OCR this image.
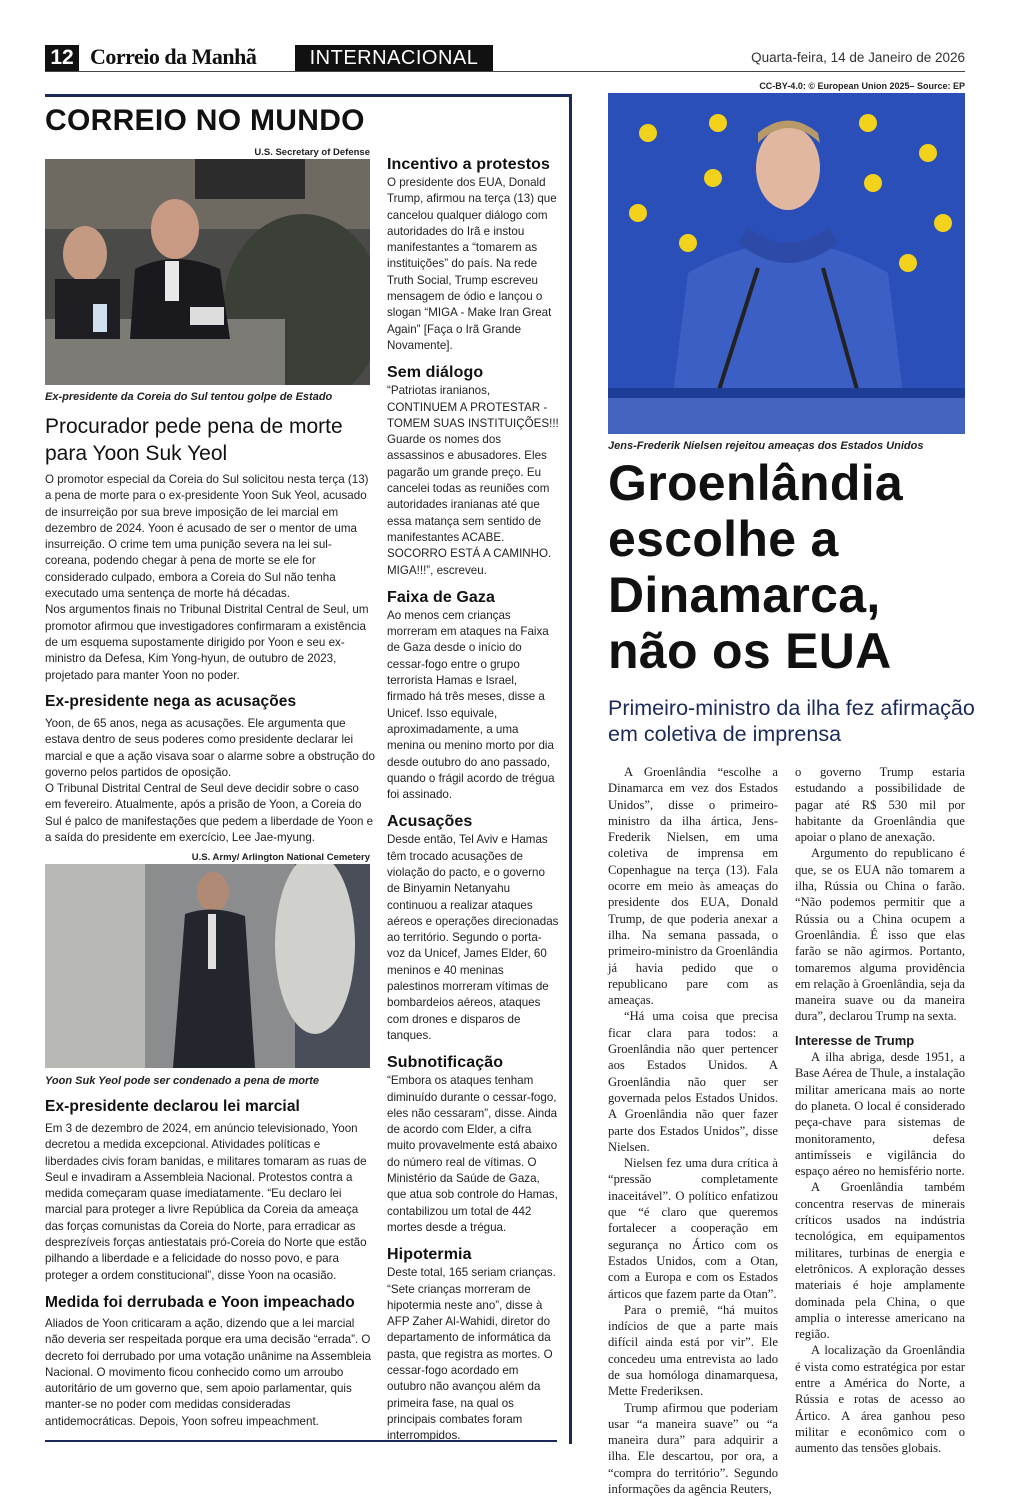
12 Correio da Manhã	INTERNACIONAL	Quarta-feira, 14 de Janeiro de 2026
CORREIO NO MUNDO
U.S. Secretary of Defense
Ex-presidente da Coreia do Sul tentou golpe de Estado
Procurador pede pena de morte para Yoon Suk Yeol

O promotor especial da Coreia do Sul solicitou nesta terça (13) a pena de morte para o ex-presidente Yoon Suk Yeol, acusado de insurreição por sua breve imposição de lei marcial em dezembro de 2024. Yoon é acusado de ser o mentor de uma insurreição. O crime tem uma punição severa na lei sul-coreana, podendo chegar à pena de morte se ele for considerado culpado, embora a Coreia do Sul não tenha executado uma sentença de morte há décadas.

Nos argumentos finais no Tribunal Distrital Central de Seul, um promotor afirmou que investigadores confirmaram a existência de um esquema supostamente dirigido por Yoon e seu ex-ministro da Defesa, Kim Yong-hyun, de outubro de 2023, projetado para manter Yoon no poder.

Ex-presidente nega as acusações

Yoon, de 65 anos, nega as acusações. Ele argumenta que estava dentro de seus poderes como presidente declarar lei marcial e que a ação visava soar o alarme sobre a obstrução do governo pelos partidos de oposição.

O Tribunal Distrital Central de Seul deve decidir sobre o caso em fevereiro. Atualmente, após a prisão de Yoon, a Coreia do Sul é palco de manifestações que pedem a liberdade de Yoon e a saída do presidente em exercício, Lee Jae-myung.

U.S. Army/ Arlington National Cemetery
Yoon Suk Yeol pode ser condenado a pena de morte
Ex-presidente declarou lei marcial
Em 3 de dezembro de 2024, em anúncio televisionado, Yoon decretou a medida excepcional. Atividades políticas e liberdades civis foram banidas, e militares tomaram as ruas de Seul e invadiram a Assembleia Nacional. Protestos contra a medida começaram quase imediatamente. “Eu declaro lei marcial para proteger a livre República da Coreia da ameaça das forças comunistas da Coreia do Norte, para erradicar as desprezíveis forças antiestatais pró-Coreia do Norte que estão pilhando a liberdade e a felicidade do nosso povo, e para proteger a ordem constitucional”, disse Yoon na ocasião.
Medida foi derrubada e Yoon impeachado
Aliados de Yoon criticaram a ação, dizendo que a lei marcial não deveria ser respeitada porque era uma decisão “errada”. O decreto foi derrubado por uma votação unânime na Assembleia Nacional. O movimento ficou conhecido como um arroubo autoritário de um governo que, sem apoio parlamentar, quis manter-se no poder com medidas consideradas antidemocráticas. Depois, Yoon sofreu impeachment.
Incentivo a protestos
O presidente dos EUA, Donald Trump, afirmou na terça (13) que cancelou qualquer diálogo com autoridades do Irã e instou manifestantes a “tomarem as instituições” do país. Na rede Truth Social, Trump escreveu mensagem de ódio e lançou o slogan “MIGA - Make Iran Great Again” [Faça o Irã Grande Novamente].
Sem diálogo
“Patriotas iranianos, CONTINUEM A PROTESTAR - TOMEM SUAS INSTITUIÇÕES!!! Guarde os nomes dos assassinos e abusadores. Eles pagarão um grande preço. Eu cancelei todas as reuniões com autoridades iranianas até que essa matança sem sentido de manifestantes ACABE. SOCORRO ESTÁ A CAMINHO. MIGA!!!”, escreveu.
Faixa de Gaza
Ao menos cem crianças morreram em ataques na Faixa de Gaza desde o início do cessar-fogo entre o grupo terrorista Hamas e Israel, firmado há três meses, disse a Unicef. Isso equivale, aproximadamente, a uma menina ou menino morto por dia desde outubro do ano passado, quando o frágil acordo de trégua foi assinado.
Acusações
Desde então, Tel Aviv e Hamas têm trocado acusações de violação do pacto, e o governo de Binyamin Netanyahu continuou a realizar ataques aéreos e operações direcionadas ao território. Segundo o porta-voz da Unicef, James Elder, 60 meninos e 40 meninas palestinos morreram vítimas de bombardeios aéreos, ataques com drones e disparos de tanques.
Subnotificação
“Embora os ataques tenham diminuído durante o cessar-fogo, eles não cessaram”, disse. Ainda de acordo com Elder, a cifra muito provavelmente está abaixo do número real de vítimas. O Ministério da Saúde de Gaza, que atua sob controle do Hamas, contabilizou um total de 442 mortes desde a trégua.
Hipotermia
Deste total, 165 seriam crianças. “Sete crianças morreram de hipotermia neste ano”, disse à AFP Zaher Al-Wahidi, diretor do departamento de informática da pasta, que registra as mortes. O cessar-fogo acordado em outubro não avançou além da primeira fase, na qual os principais combates foram interrompidos.
CC-BY-4.0: © European Union 2025– Source: EP
Jens-Frederik Nielsen rejeitou ameaças dos Estados Unidos
Groenlândia escolhe a Dinamarca, não os EUA
Primeiro-ministro da ilha fez afirmação em coletiva de imprensa

A Groenlândia “escolhe a Dinamarca em vez dos Estados Unidos”, disse o primeiro-ministro da ilha ártica, Jens-Frederik Nielsen, em uma coletiva de imprensa em Copenhague na terça (13). Fala ocorre em meio às ameaças do presidente dos EUA, Donald Trump, de que poderia anexar a ilha. Na semana passada, o primeiro-ministro da Groenlândia já havia pedido que o republicano pare com as ameaças.

“Há uma coisa que precisa ficar clara para todos: a Groenlândia não quer pertencer aos Estados Unidos. A Groenlândia não quer ser governada pelos Estados Unidos. A Groenlândia não quer fazer parte dos Estados Unidos”, disse Nielsen.

Nielsen fez uma dura crítica à “pressão completamente inaceitável”. O político enfatizou que “é claro que queremos fortalecer a cooperação em segurança no Ártico com os Estados Unidos, com a Otan, com a Europa e com os Estados árticos que fazem parte da Otan”.

Para o premiê, “há muitos indícios de que a parte mais difícil ainda está por vir”. Ele concedeu uma entrevista ao lado de sua homóloga dinamarquesa, Mette Frederiksen.

Trump afirmou que poderiam usar “a maneira suave” ou “a maneira dura” para adquirir a ilha. Ele descartou, por ora, a “compra do território”. Segundo informações da agência Reuters,

o governo Trump estaria estudando a possibilidade de pagar até R$ 530 mil por habitante da Groenlândia que apoiar o plano de anexação.

Argumento do republicano é que, se os EUA não tomarem a ilha, Rússia ou China o farão. “Não podemos permitir que a Rússia ou a China ocupem a Groenlândia. É isso que elas farão se não agirmos. Portanto, tomaremos alguma providência em relação à Groenlândia, seja da maneira suave ou da maneira dura”, declarou Trump na sexta.

Interesse de Trump

A ilha abriga, desde 1951, a Base Aérea de Thule, a instalação militar americana mais ao norte do planeta. O local é considerado peça-chave para sistemas de monitoramento, defesa antimísseis e vigilância do espaço aéreo no hemisfério norte.

A Groenlândia também concentra reservas de minerais críticos usados na indústria tecnológica, em equipamentos militares, turbinas de energia e eletrônicos. A exploração desses materiais é hoje amplamente dominada pela China, o que amplia o interesse americano na região.

A localização da Groenlândia é vista como estratégica por estar entre a América do Norte, a Rússia e rotas de acesso ao Ártico. A área ganhou peso militar e econômico com o aumento das tensões globais.
